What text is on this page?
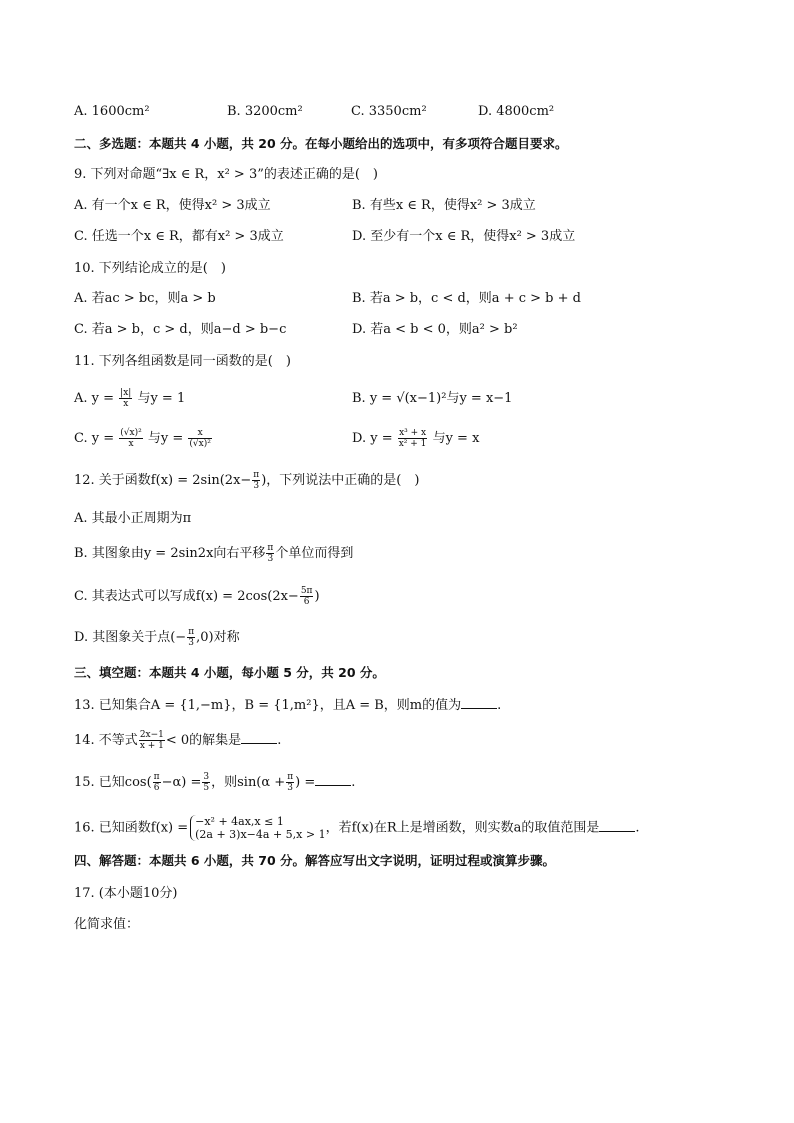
A. 1600cm²	B. 3200cm²	C. 3350cm²	D. 4800cm²
二、多选题：本题共 4 小题，共 20 分。在每小题给出的选项中，有多项符合题目要求。
9. 下列对命题“∃x ∈ R，x² > 3”的表述正确的是(　)
A. 有一个x ∈ R，使得x² > 3成立	B. 有些x ∈ R，使得x² > 3成立
C. 任选一个x ∈ R，都有x² > 3成立	D. 至少有一个x ∈ R，使得x² > 3成立
10. 下列结论成立的是(　)
A. 若ac > bc，则a > b	B. 若a > b，c < d，则a + c > b + d
C. 若a > b，c > d，则a−d > b−c	D. 若a < b < 0，则a² > b²
11. 下列各组函数是同一函数的是(　)
A. $y = \frac{|x|}{x}$ 与y = 1	B. y = √(x−1)²与y = x−1
C. $y = \frac{\text{(√x)²}}{x}$ 与$y = \frac{x}{\text{(√x)²}}$	D. $y = \frac{\text{x³ + x}}{\text{x² + 1}}$ 与y = x
12. 关于函数$f(x) = 2\sin(2x- \frac{\pi}{3}$ )，下列说法中正确的是(　)
A. 其最小正周期为π
B. 其图象由y = 2sin2x向右平移 $\frac{\pi}{3}$ 个单位而得到
C. 其表达式可以写成$f(x) = 2\cos(2x- \frac{5\pi}{6}$ )
D. 其图象关于点(− $\frac{\pi}{3} ,0$)对称
三、填空题：本题共 4 小题，每小题 5 分，共 20 分。
13. 已知集合A = {1,−m}，B = {1,m²}，且A = B，则m的值为	.
14. 不等式 $\frac{2x-1}{x + 1} < 0$的解集是	.
15. 已知$\cos( \frac{\pi}{6} -\alpha) = \frac{3}{5}$ ，则$\sin(\alpha + \frac{\pi}{3}$ ) =	.
16. 已知函数f(x) = −x² + 4ax,x ≤ 1
(2a + 3)x−4a + 5,x > 1 ，若f(x)在R上是增函数，则实数a的取值范围是	.
四、解答题：本题共 6 小题，共 70 分。解答应写出文字说明，证明过程或演算步骤。
17. (本小题10分)
化简求值：
